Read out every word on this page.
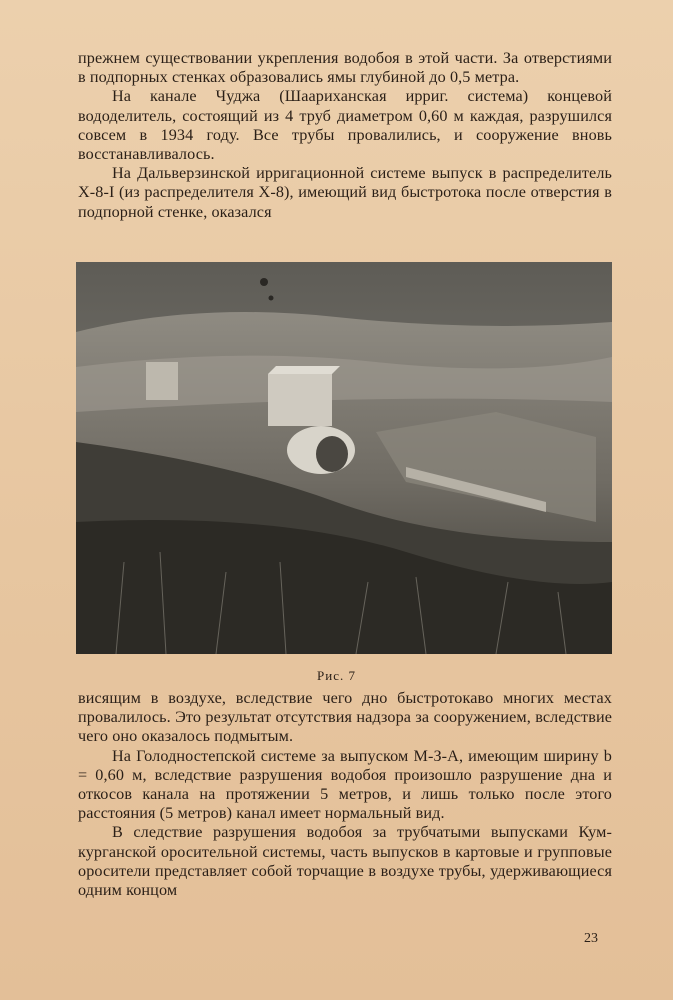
прежнем существовании укрепления водобоя в этой части. За отверстиями в подпорных стенках образовались ямы глубиной до 0,5 метра.

На канале Чуджа (Шаариханская ирриг. система) концевой вододелитель, состоящий из 4 труб диаметром 0,60 м каждая, разрушился совсем в 1934 году. Все трубы провалились, и сооружение вновь восстанавливалось.

На Дальверзинской ирригационной системе выпуск в распределитель Х-8-I (из распределителя Х-8), имеющий вид быстротока после отверстия в подпорной стенке, оказался

Рис. 7

висящим в воздухе, вследствие чего дно быстротокаво многих местах провалилось. Это результат отсутствия надзора за сооружением, вследствие чего оно оказалось подмытым.

На Голодностепской системе за выпуском М-З-А, имеющим ширину b = 0,60 м, вследствие разрушения водобоя произошло разрушение дна и откосов канала на протяжении 5 метров, и лишь только после этого расстояния (5 метров) канал имеет нормальный вид.

В следствие разрушения водобоя за трубчатыми выпусками Кум-курганской оросительной системы, часть выпусков в картовые и групповые оросители представляет собой торчащие в воздухе трубы, удерживающиеся одним концом

23
